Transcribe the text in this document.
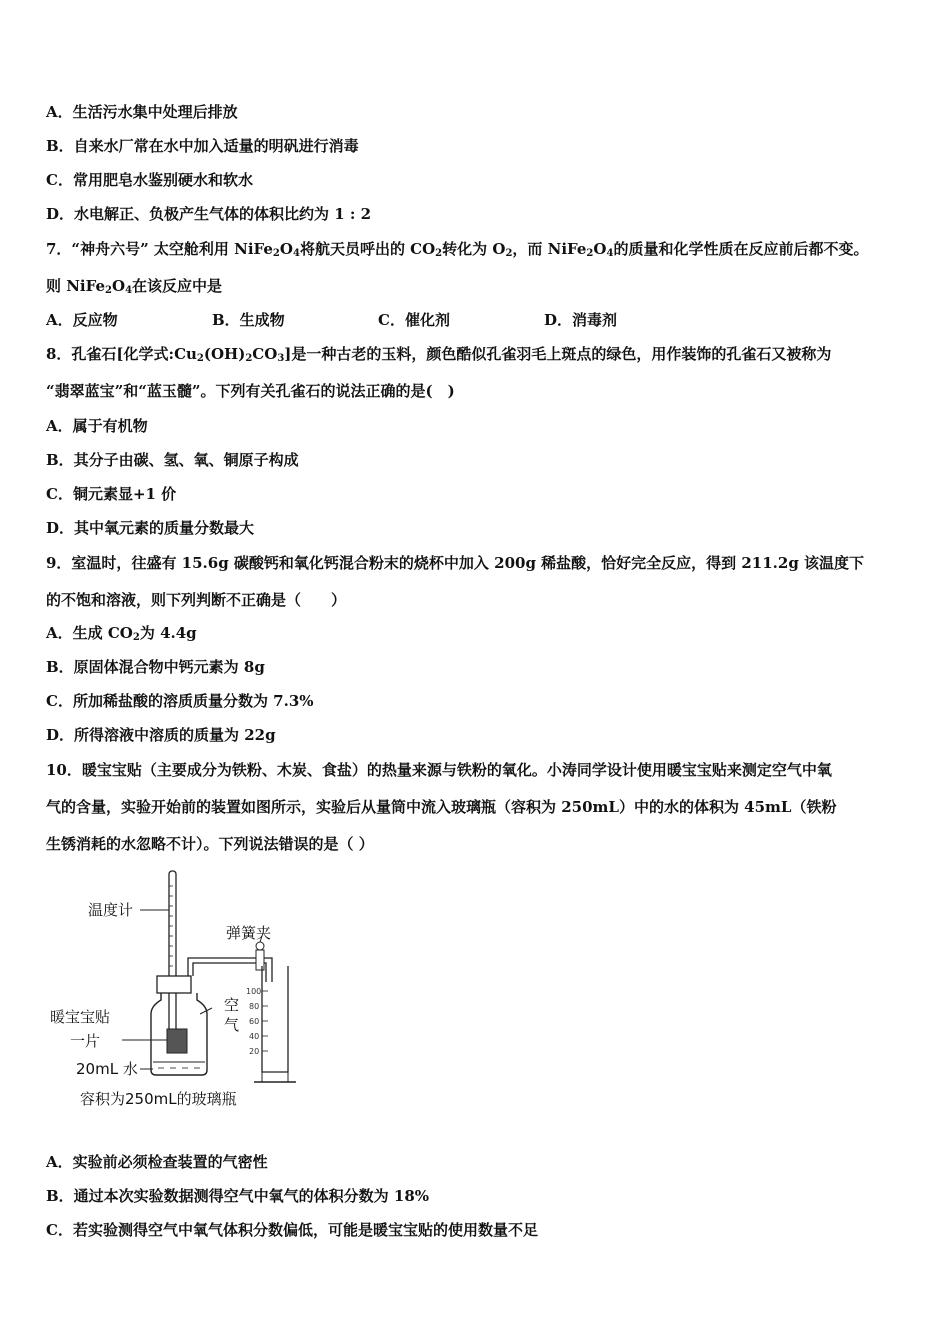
A．生活污水集中处理后排放
B．自来水厂常在水中加入适量的明矾进行消毒
C．常用肥皂水鉴别硬水和软水
D．水电解正、负极产生气体的体积比约为 1 : 2
7．“神舟六号” 太空舱利用 $NiFe_2O_4$将航天员呼出的 $CO_2$转化为 $O_2$，而 $NiFe_2O_4$的质量和化学性质在反应前后都不变。
则 $NiFe_2O_4$在该反应中是
A．反应物	B．生成物	C．催化剂	D．消毒剂
8．孔雀石[化学式$:Cu_2(OH)_2CO_3$]是一种古老的玉料，颜色酷似孔雀羽毛上斑点的绿色，用作装饰的孔雀石又被称为
“翡翠蓝宝”和“蓝玉髓”。下列有关孔雀石的说法正确的是(　)
A．属于有机物
B．其分子由碳、氢、氧、铜原子构成
C．铜元素显+1 价
D．其中氧元素的质量分数最大
9．室温时，往盛有 15.6g 碳酸钙和氧化钙混合粉末的烧杯中加入 200g 稀盐酸，恰好完全反应，得到 211.2g 该温度下
的不饱和溶液，则下列判断不正确是（　　）
A．生成 $CO_2$为 4.4g
B．原固体混合物中钙元素为 8g
C．所加稀盐酸的溶质质量分数为 7.3%
D．所得溶液中溶质的质量为 22g
10．暖宝宝贴（主要成分为铁粉、木炭、食盐）的热量来源与铁粉的氧化。小涛同学设计使用暖宝宝贴来测定空气中氧
气的含量，实验开始前的装置如图所示，实验后从量筒中流入玻璃瓶（容积为 250mL）中的水的体积为 45mL（铁粉
生锈消耗的水忽略不计）。下列说法错误的是（ ）
温度计
弹簧夹
100
80
60
40
20
空
气
暖宝宝贴
一片
20mL 水
容积为250mL的玻璃瓶
A．实验前必须检查装置的气密性
B．通过本次实验数据测得空气中氧气的体积分数为 18%
C．若实验测得空气中氧气体积分数偏低，可能是暖宝宝贴的使用数量不足
